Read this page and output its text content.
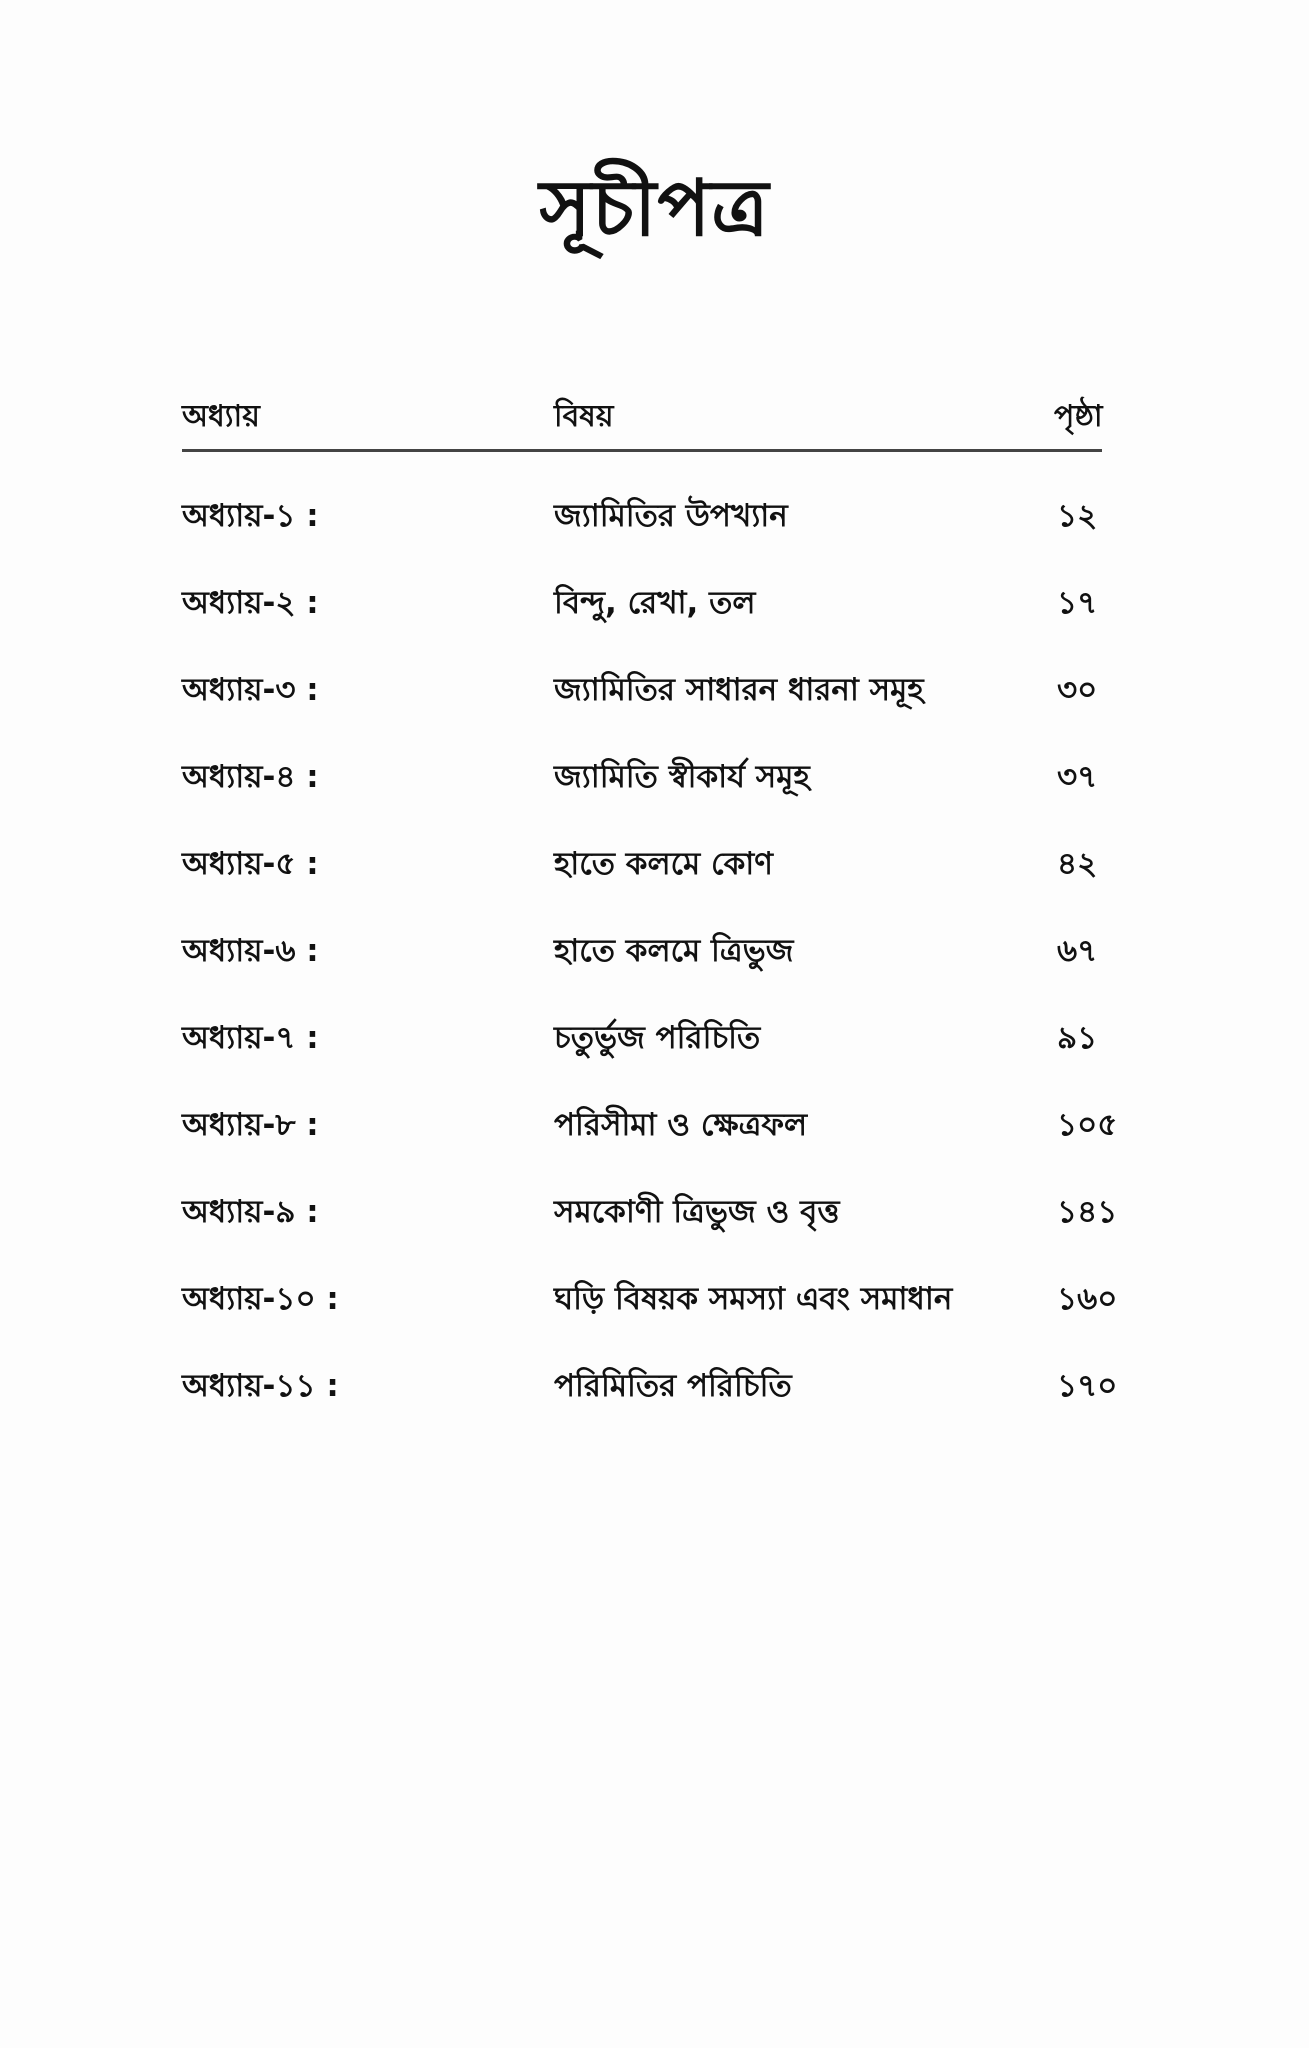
সূচীপত্র
অধ্যায়	বিষয়	পৃষ্ঠা
অধ্যায়-১ :	জ্যামিতির উপখ্যান	১২
অধ্যায়-২ :	বিন্দু, রেখা, তল	১৭
অধ্যায়-৩ :	জ্যামিতির সাধারন ধারনা সমূহ	৩০
অধ্যায়-৪ :	জ্যামিতি স্বীকার্য সমূহ	৩৭
অধ্যায়-৫ :	হাতে কলমে কোণ	৪২
অধ্যায়-৬ :	হাতে কলমে ত্রিভুজ	৬৭
অধ্যায়-৭ :	চতুর্ভুজ পরিচিতি	৯১
অধ্যায়-৮ :	পরিসীমা ও ক্ষেত্রফল	১০৫
অধ্যায়-৯ :	সমকোণী ত্রিভুজ ও বৃত্ত	১৪১
অধ্যায়-১০ :	ঘড়ি বিষয়ক সমস্যা এবং সমাধান	১৬০
অধ্যায়-১১ :	পরিমিতির পরিচিতি	১৭০
